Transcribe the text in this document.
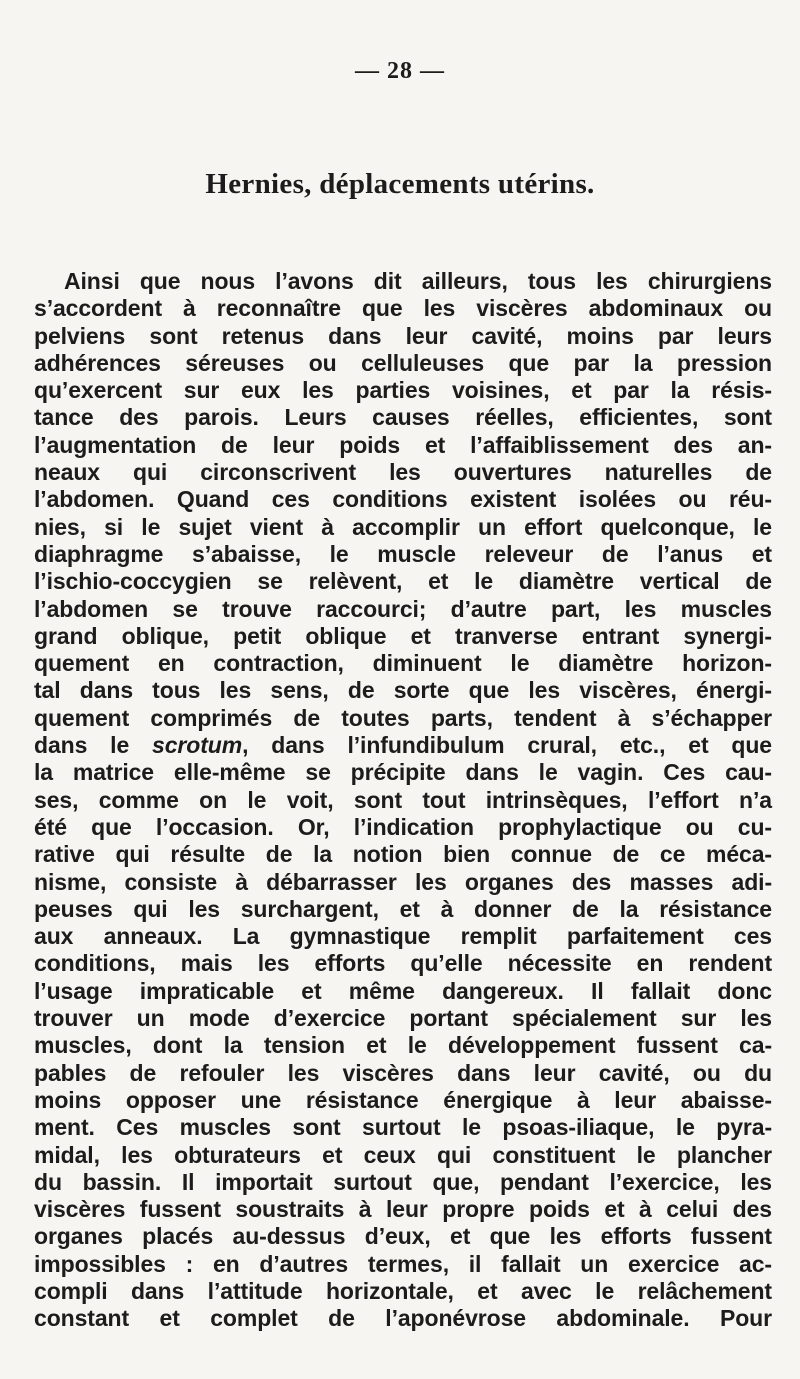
— 28 —
Hernies, déplacements utérins.
Ainsi que nous l’avons dit ailleurs, tous les chirurgiens
s’accordent à reconnaître que les viscères abdominaux ou
pelviens sont retenus dans leur cavité, moins par leurs
adhérences séreuses ou celluleuses que par la pression
qu’exercent sur eux les parties voisines, et par la résis-
tance des parois. Leurs causes réelles, efficientes, sont
l’augmentation de leur poids et l’affaiblissement des an-
neaux qui circonscrivent les ouvertures naturelles de
l’abdomen. Quand ces conditions existent isolées ou réu-
nies, si le sujet vient à accomplir un effort quelconque, le
diaphragme s’abaisse, le muscle releveur de l’anus et
l’ischio-coccygien se relèvent, et le diamètre vertical de
l’abdomen se trouve raccourci; d’autre part, les muscles
grand oblique, petit oblique et tranverse entrant synergi-
quement en contraction, diminuent le diamètre horizon-
tal dans tous les sens, de sorte que les viscères, énergi-
quement comprimés de toutes parts, tendent à s’échapper
dans le scrotum, dans l’infundibulum crural, etc., et que
la matrice elle-même se précipite dans le vagin. Ces cau-
ses, comme on le voit, sont tout intrinsèques, l’effort n’a
été que l’occasion. Or, l’indication prophylactique ou cu-
rative qui résulte de la notion bien connue de ce méca-
nisme, consiste à débarrasser les organes des masses adi-
peuses qui les surchargent, et à donner de la résistance
aux anneaux. La gymnastique remplit parfaitement ces
conditions, mais les efforts qu’elle nécessite en rendent
l’usage impraticable et même dangereux. Il fallait donc
trouver un mode d’exercice portant spécialement sur les
muscles, dont la tension et le développement fussent ca-
pables de refouler les viscères dans leur cavité, ou du
moins opposer une résistance énergique à leur abaisse-
ment. Ces muscles sont surtout le psoas-iliaque, le pyra-
midal, les obturateurs et ceux qui constituent le plancher
du bassin. Il importait surtout que, pendant l’exercice, les
viscères fussent soustraits à leur propre poids et à celui des
organes placés au-dessus d’eux, et que les efforts fussent
impossibles : en d’autres termes, il fallait un exercice ac-
compli dans l’attitude horizontale, et avec le relâchement
constant et complet de l’aponévrose abdominale. Pour
